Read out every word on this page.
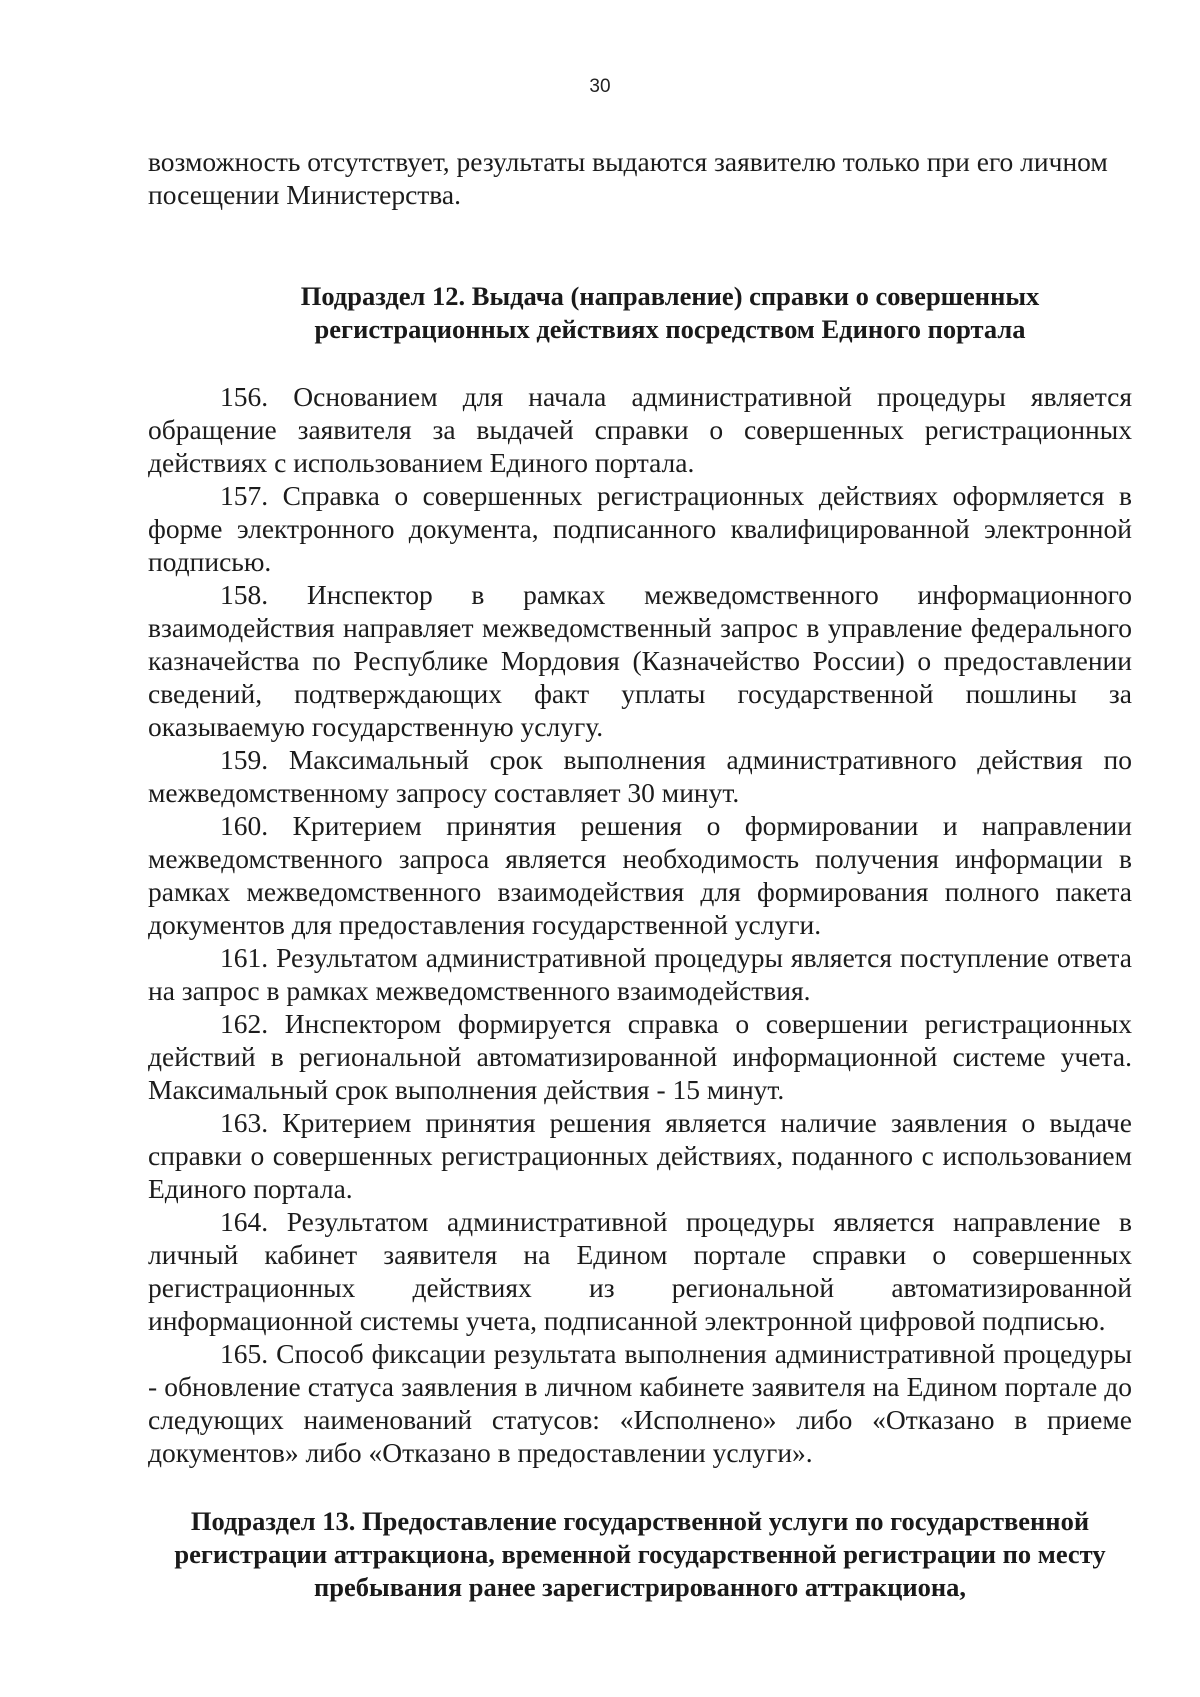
30

возможность отсутствует, результаты выдаются заявителю только при его личном посещении Министерства.

Подраздел 12. Выдача (направление) справки о совершенных регистрационных действиях посредством Единого портала

156. Основанием для начала административной процедуры является обращение заявителя за выдачей справки о совершенных регистрационных действиях с использованием Единого портала.

157. Справка о совершенных регистрационных действиях оформляется в форме электронного документа, подписанного квалифицированной электронной подписью.

158. Инспектор в рамках межведомственного информационного взаимодействия направляет межведомственный запрос в управление федерального казначейства по Республике Мордовия (Казначейство России) о предоставлении сведений, подтверждающих факт уплаты государственной пошлины за оказываемую государственную услугу.

159. Максимальный срок выполнения административного действия по межведомственному запросу составляет 30 минут.

160. Критерием принятия решения о формировании и направлении межведомственного запроса является необходимость получения информации в рамках межведомственного взаимодействия для формирования полного пакета документов для предоставления государственной услуги.

161. Результатом административной процедуры является поступление ответа на запрос в рамках межведомственного взаимодействия.

162. Инспектором формируется справка о совершении регистрационных действий в региональной автоматизированной информационной системе учета. Максимальный срок выполнения действия - 15 минут.

163. Критерием принятия решения является наличие заявления о выдаче справки о совершенных регистрационных действиях, поданного с использованием Единого портала.

164. Результатом административной процедуры является направление в личный кабинет заявителя на Едином портале справки о совершенных регистрационных действиях из региональной автоматизированной информационной системы учета, подписанной электронной цифровой подписью.

165. Способ фиксации результата выполнения административной процедуры - обновление статуса заявления в личном кабинете заявителя на Едином портале до следующих наименований статусов: «Исполнено» либо «Отказано в приеме документов» либо «Отказано в предоставлении услуги».

Подраздел 13. Предоставление государственной услуги по государственной регистрации аттракциона, временной государственной регистрации по месту пребывания ранее зарегистрированного аттракциона,
